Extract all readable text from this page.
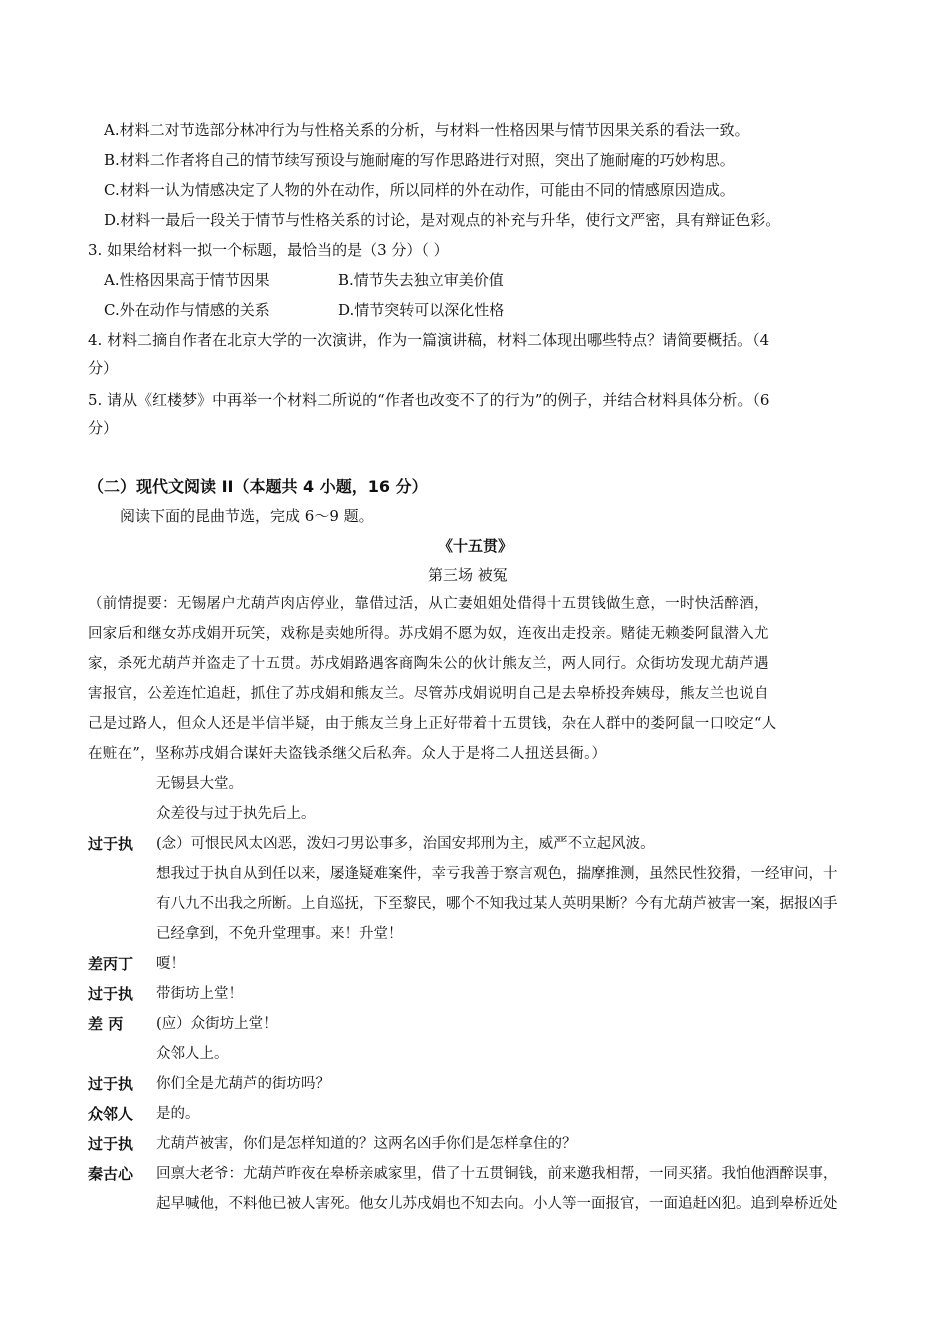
A.材料二对节选部分林冲行为与性格关系的分析，与材料一性格因果与情节因果关系的看法一致。
B.材料二作者将自己的情节续写预设与施耐庵的写作思路进行对照，突出了施耐庵的巧妙构思。
C.材料一认为情感决定了人物的外在动作，所以同样的外在动作，可能由不同的情感原因造成。
D.材料一最后一段关于情节与性格关系的讨论，是对观点的补充与升华，使行文严密，具有辩证色彩。
3. 如果给材料一拟一个标题，最恰当的是（3 分）（ ）
A.性格因果高于情节因果	B.情节失去独立审美价值
C.外在动作与情感的关系	D.情节突转可以深化性格
4. 材料二摘自作者在北京大学的一次演讲，作为一篇演讲稿，材料二体现出哪些特点？请简要概括。（4
分）
5. 请从《红楼梦》中再举一个材料二所说的“作者也改变不了的行为”的例子，并结合材料具体分析。（6
分）
（二）现代文阅读 II（本题共 4 小题，16 分）
阅读下面的昆曲节选，完成 6～9 题。
《十五贯》
第三场 被冤
（前情提要：无锡屠户尤葫芦肉店停业，靠借过活，从亡妻姐姐处借得十五贯钱做生意，一时快活醉酒，
回家后和继女苏戌娟开玩笑，戏称是卖她所得。苏戌娟不愿为奴，连夜出走投亲。赌徒无赖娄阿鼠潜入尤
家，杀死尤葫芦并盗走了十五贯。苏戌娟路遇客商陶朱公的伙计熊友兰，两人同行。众街坊发现尤葫芦遇
害报官，公差连忙追赶，抓住了苏戌娟和熊友兰。尽管苏戌娟说明自己是去皋桥投奔姨母，熊友兰也说自
己是过路人，但众人还是半信半疑，由于熊友兰身上正好带着十五贯钱，杂在人群中的娄阿鼠一口咬定“人
在赃在”，坚称苏戌娟合谋奸夫盗钱杀继父后私奔。众人于是将二人扭送县衙。）
无锡县大堂。
众差役与过于执先后上。
过于执 (念）可恨民风太凶恶，泼妇刁男讼事多，治国安邦刑为主，威严不立起风波。
想我过于执自从到任以来，屡逢疑难案件，幸亏我善于察言观色，揣摩推测，虽然民性狡猾，一经审问，十
有八九不出我之所断。上自巡抚，下至黎民，哪个不知我过某人英明果断？今有尤葫芦被害一案，据报凶手
已经拿到，不免升堂理事。来！升堂！
差丙丁 嗄！
过于执 带街坊上堂！
差 丙 (应）众街坊上堂！
众邻人上。
过于执 你们全是尤葫芦的街坊吗？
众邻人 是的。
过于执 尤葫芦被害，你们是怎样知道的？这两名凶手你们是怎样拿住的？
秦古心 回禀大老爷：尤葫芦昨夜在皋桥亲戚家里，借了十五贯铜钱，前来邀我相帮，一同买猪。我怕他酒醉误事，
起早喊他，不料他已被人害死。他女儿苏戌娟也不知去向。小人等一面报官，一面追赶凶犯。追到皋桥近处
